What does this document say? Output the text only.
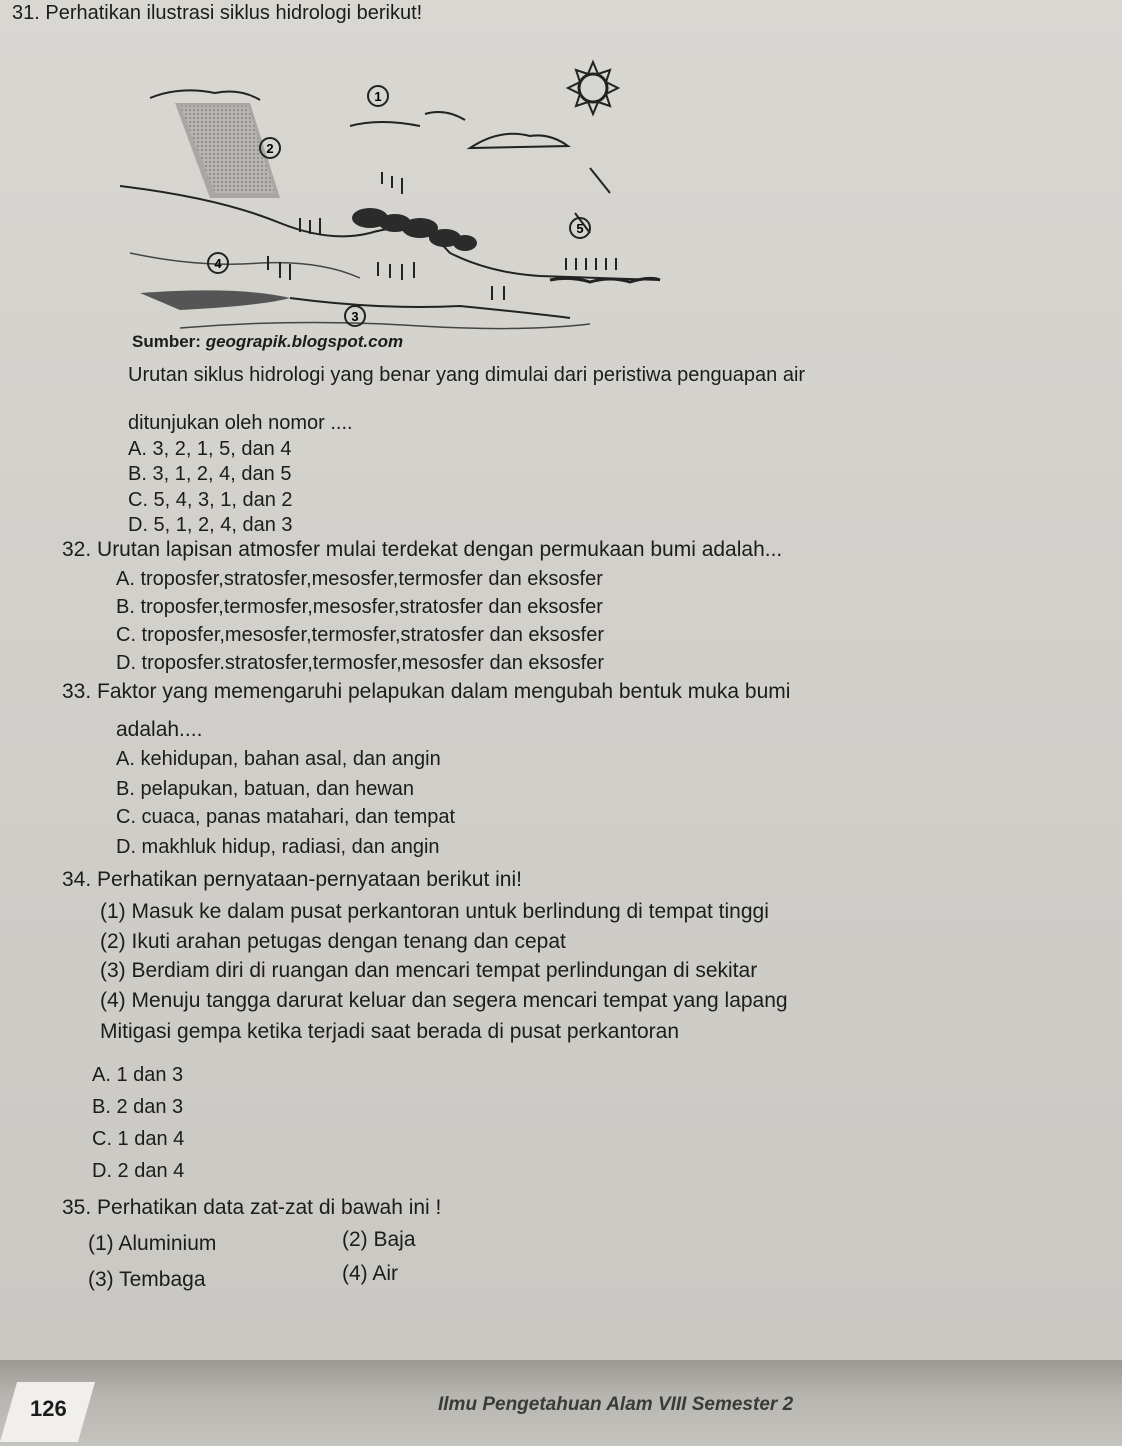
31. Perhatikan ilustrasi siklus hidrologi berikut!
1
2
3
4
5
Sumber: geograpik.blogspot.com
Urutan siklus hidrologi yang benar yang dimulai dari peristiwa penguapan air
ditunjukan oleh nomor ....
A. 3, 2, 1, 5, dan 4
B. 3, 1, 2, 4, dan 5
C. 5, 4, 3, 1, dan 2
D. 5, 1, 2, 4, dan 3
32. Urutan lapisan atmosfer mulai terdekat dengan permukaan bumi adalah...
A. troposfer,stratosfer,mesosfer,termosfer dan eksosfer
B. troposfer,termosfer,mesosfer,stratosfer dan eksosfer
C. troposfer,mesosfer,termosfer,stratosfer dan eksosfer
D. troposfer.stratosfer,termosfer,mesosfer dan eksosfer
33. Faktor yang memengaruhi pelapukan dalam mengubah bentuk muka bumi
adalah....
A. kehidupan, bahan asal, dan angin
B. pelapukan, batuan, dan hewan
C. cuaca, panas matahari, dan tempat
D. makhluk hidup, radiasi, dan angin
34. Perhatikan pernyataan-pernyataan berikut ini!
(1) Masuk ke dalam pusat perkantoran untuk berlindung di tempat tinggi
(2) Ikuti arahan petugas dengan tenang dan cepat
(3) Berdiam diri di ruangan dan mencari tempat perlindungan di sekitar
(4) Menuju tangga darurat keluar dan segera mencari tempat yang lapang
Mitigasi gempa ketika terjadi saat berada di pusat perkantoran
A. 1 dan 3
B. 2 dan 3
C. 1 dan 4
D. 2 dan 4
35. Perhatikan data zat-zat di bawah ini !
(1) Aluminium	(2) Baja
(3) Tembaga	(4) Air
126	Ilmu Pengetahuan Alam VIII Semester 2
